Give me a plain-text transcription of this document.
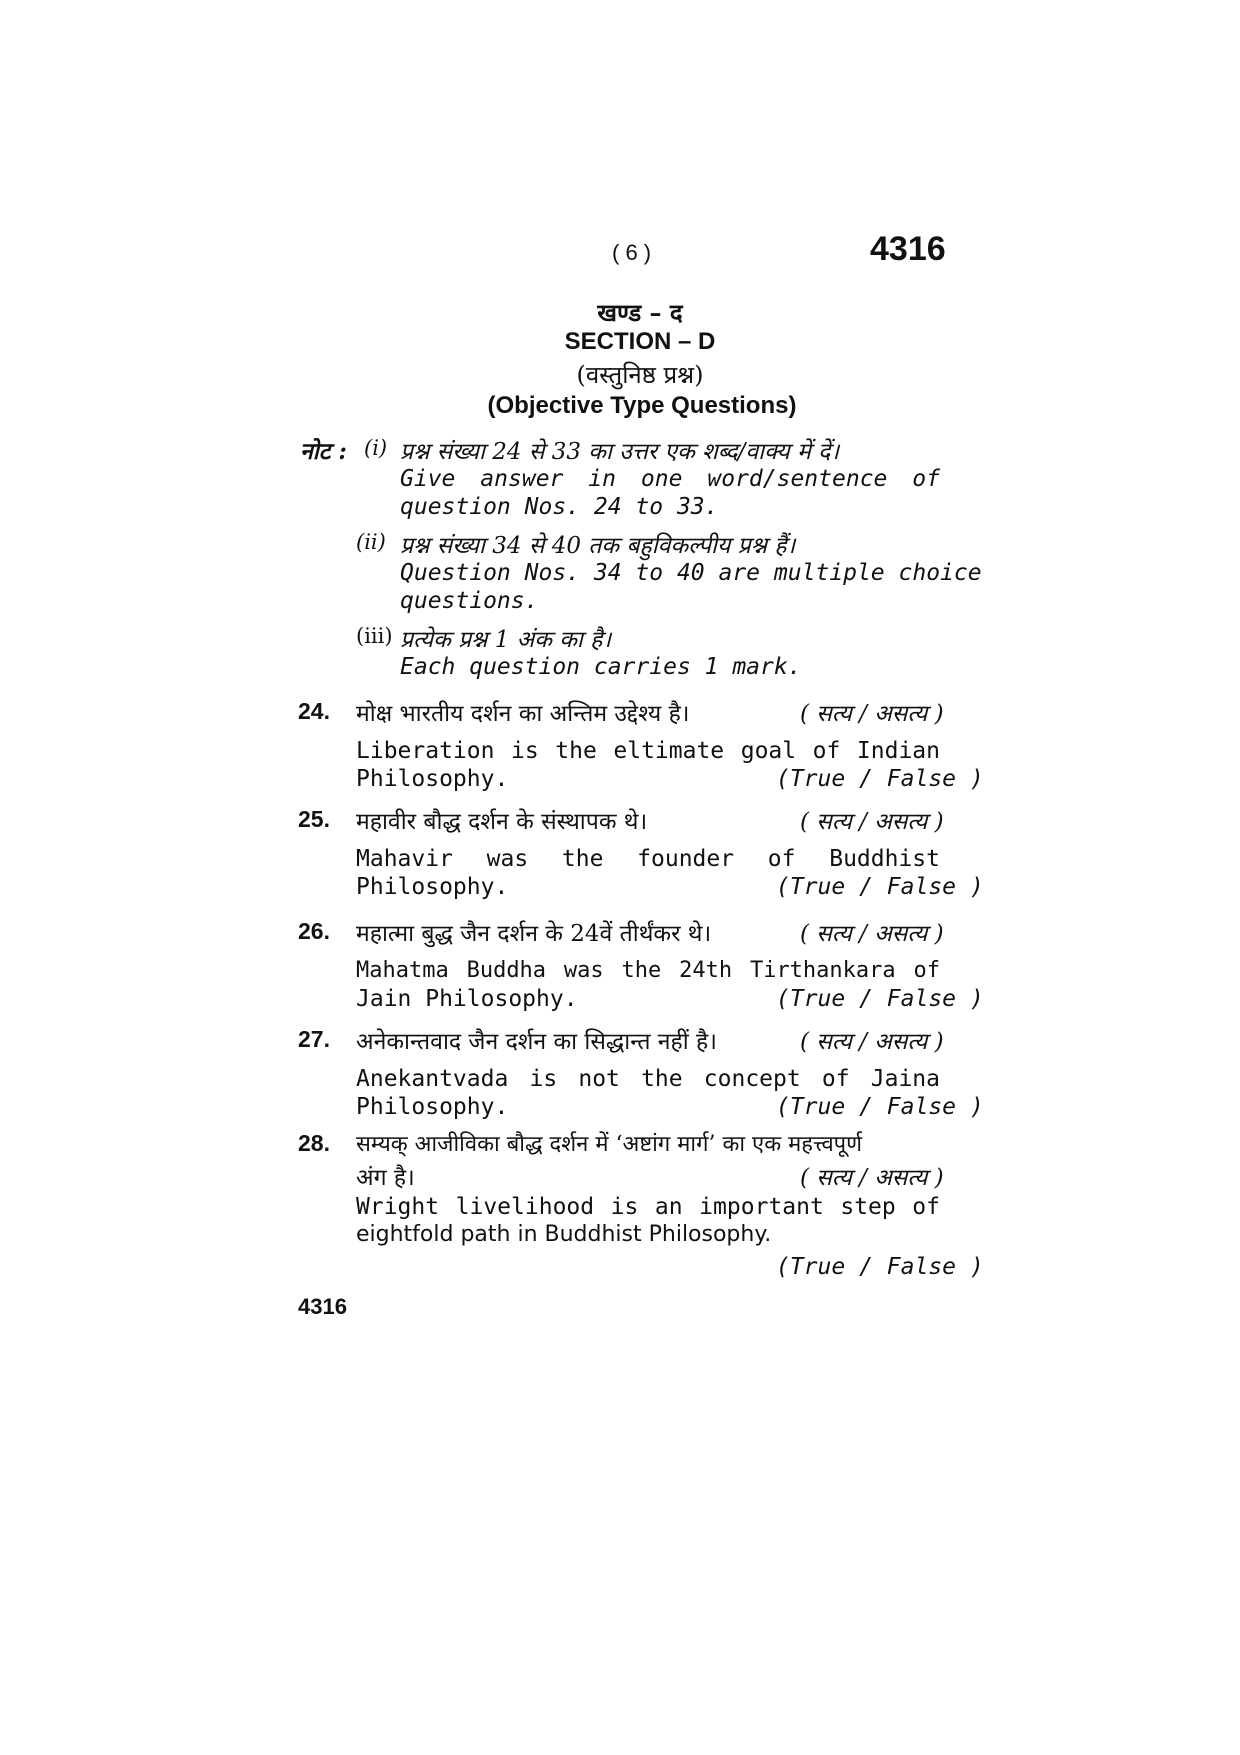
( 6 )	4316
खण्ड – द
SECTION – D
(वस्तुनिष्ठ प्रश्न)
(Objective Type Questions)
नोट : (i) प्रश्न संख्या 24 से 33 का उत्तर एक शब्द/वाक्य में दें।
Give answer in one word/sentence of
question Nos. 24 to 33.
(ii) प्रश्न संख्या 34 से 40 तक बहुविकल्पीय प्रश्न हैं।
Question Nos. 34 to 40 are multiple choice
questions.
(iii) प्रत्येक प्रश्न 1 अंक का है।
Each question carries 1 mark.
24. मोक्ष भारतीय दर्शन का अन्तिम उद्देश्य है।	( सत्य / असत्य )
Liberation is the eltimate goal of Indian
Philosophy.	(True / False )
25. महावीर बौद्ध दर्शन के संस्थापक थे।	( सत्य / असत्य )
Mahavir was the founder of Buddhist
Philosophy.	(True / False )
26. महात्मा बुद्ध जैन दर्शन के 24वें तीर्थंकर थे।	( सत्य / असत्य )
Mahatma Buddha was the 24th Tirthankara of
Jain Philosophy.	(True / False )
27. अनेकान्तवाद जैन दर्शन का सिद्धान्त नहीं है।	( सत्य / असत्य )
Anekantvada is not the concept of Jaina
Philosophy.	(True / False )
28. सम्यक् आजीविका बौद्ध दर्शन में ‘अष्टांग मार्ग’ का एक महत्त्वपूर्ण
अंग है।	( सत्य / असत्य )
Wright livelihood is an important step of
eightfold path in Buddhist Philosophy.
(True / False )
4316
